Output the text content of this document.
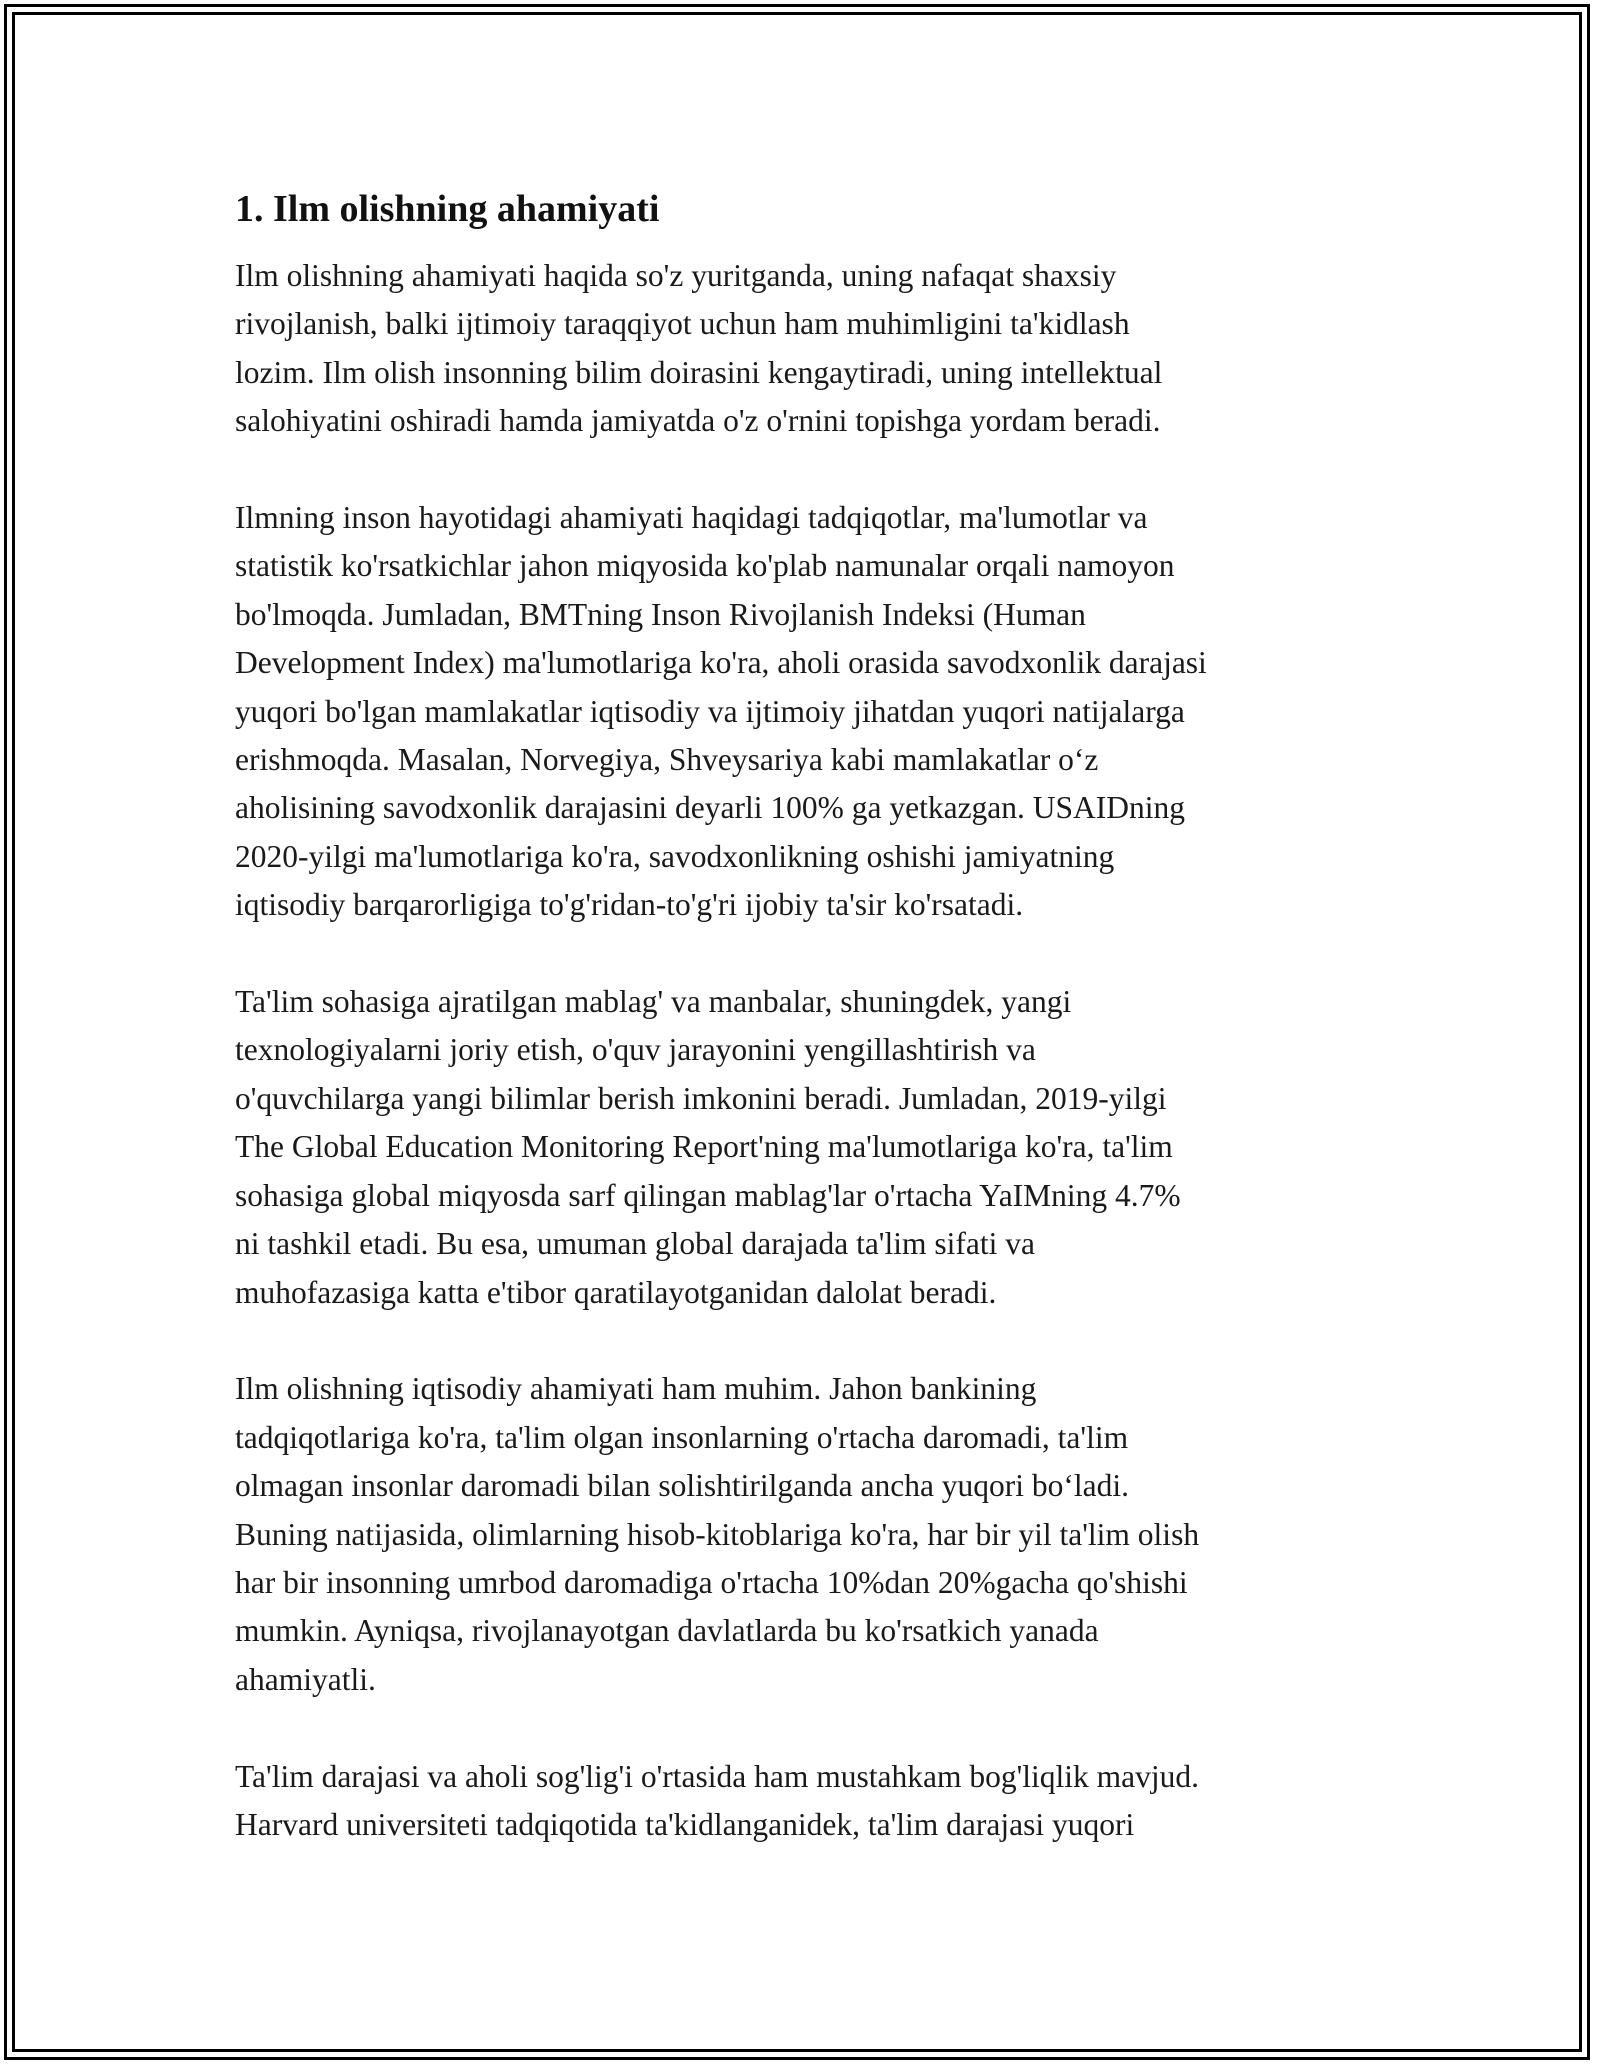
1. Ilm olishning ahamiyati

Ilm olishning ahamiyati haqida so'z yuritganda, uning nafaqat shaxsiy
rivojlanish, balki ijtimoiy taraqqiyot uchun ham muhimligini ta'kidlash
lozim. Ilm olish insonning bilim doirasini kengaytiradi, uning intellektual
salohiyatini oshiradi hamda jamiyatda o'z o'rnini topishga yordam beradi.

Ilmning inson hayotidagi ahamiyati haqidagi tadqiqotlar, ma'lumotlar va
statistik ko'rsatkichlar jahon miqyosida ko'plab namunalar orqali namoyon
bo'lmoqda. Jumladan, BMTning Inson Rivojlanish Indeksi (Human
Development Index) ma'lumotlariga ko'ra, aholi orasida savodxonlik darajasi
yuqori bo'lgan mamlakatlar iqtisodiy va ijtimoiy jihatdan yuqori natijalarga
erishmoqda. Masalan, Norvegiya, Shveysariya kabi mamlakatlar o‘z
aholisining savodxonlik darajasini deyarli 100% ga yetkazgan. USAIDning
2020-yilgi ma'lumotlariga ko'ra, savodxonlikning oshishi jamiyatning
iqtisodiy barqarorligiga to'g'ridan-to'g'ri ijobiy ta'sir ko'rsatadi.

Ta'lim sohasiga ajratilgan mablag' va manbalar, shuningdek, yangi
texnologiyalarni joriy etish, o'quv jarayonini yengillashtirish va
o'quvchilarga yangi bilimlar berish imkonini beradi. Jumladan, 2019-yilgi
The Global Education Monitoring Report'ning ma'lumotlariga ko'ra, ta'lim
sohasiga global miqyosda sarf qilingan mablag'lar o'rtacha YaIMning 4.7%
ni tashkil etadi. Bu esa, umuman global darajada ta'lim sifati va
muhofazasiga katta e'tibor qaratilayotganidan dalolat beradi.

Ilm olishning iqtisodiy ahamiyati ham muhim. Jahon bankining
tadqiqotlariga ko'ra, ta'lim olgan insonlarning o'rtacha daromadi, ta'lim
olmagan insonlar daromadi bilan solishtirilganda ancha yuqori bo‘ladi.
Buning natijasida, olimlarning hisob-kitoblariga ko'ra, har bir yil ta'lim olish
har bir insonning umrbod daromadiga o'rtacha 10%dan 20%gacha qo'shishi
mumkin. Ayniqsa, rivojlanayotgan davlatlarda bu ko'rsatkich yanada
ahamiyatli.

Ta'lim darajasi va aholi sog'lig'i o'rtasida ham mustahkam bog'liqlik mavjud.
Harvard universiteti tadqiqotida ta'kidlanganidek, ta'lim darajasi yuqori
